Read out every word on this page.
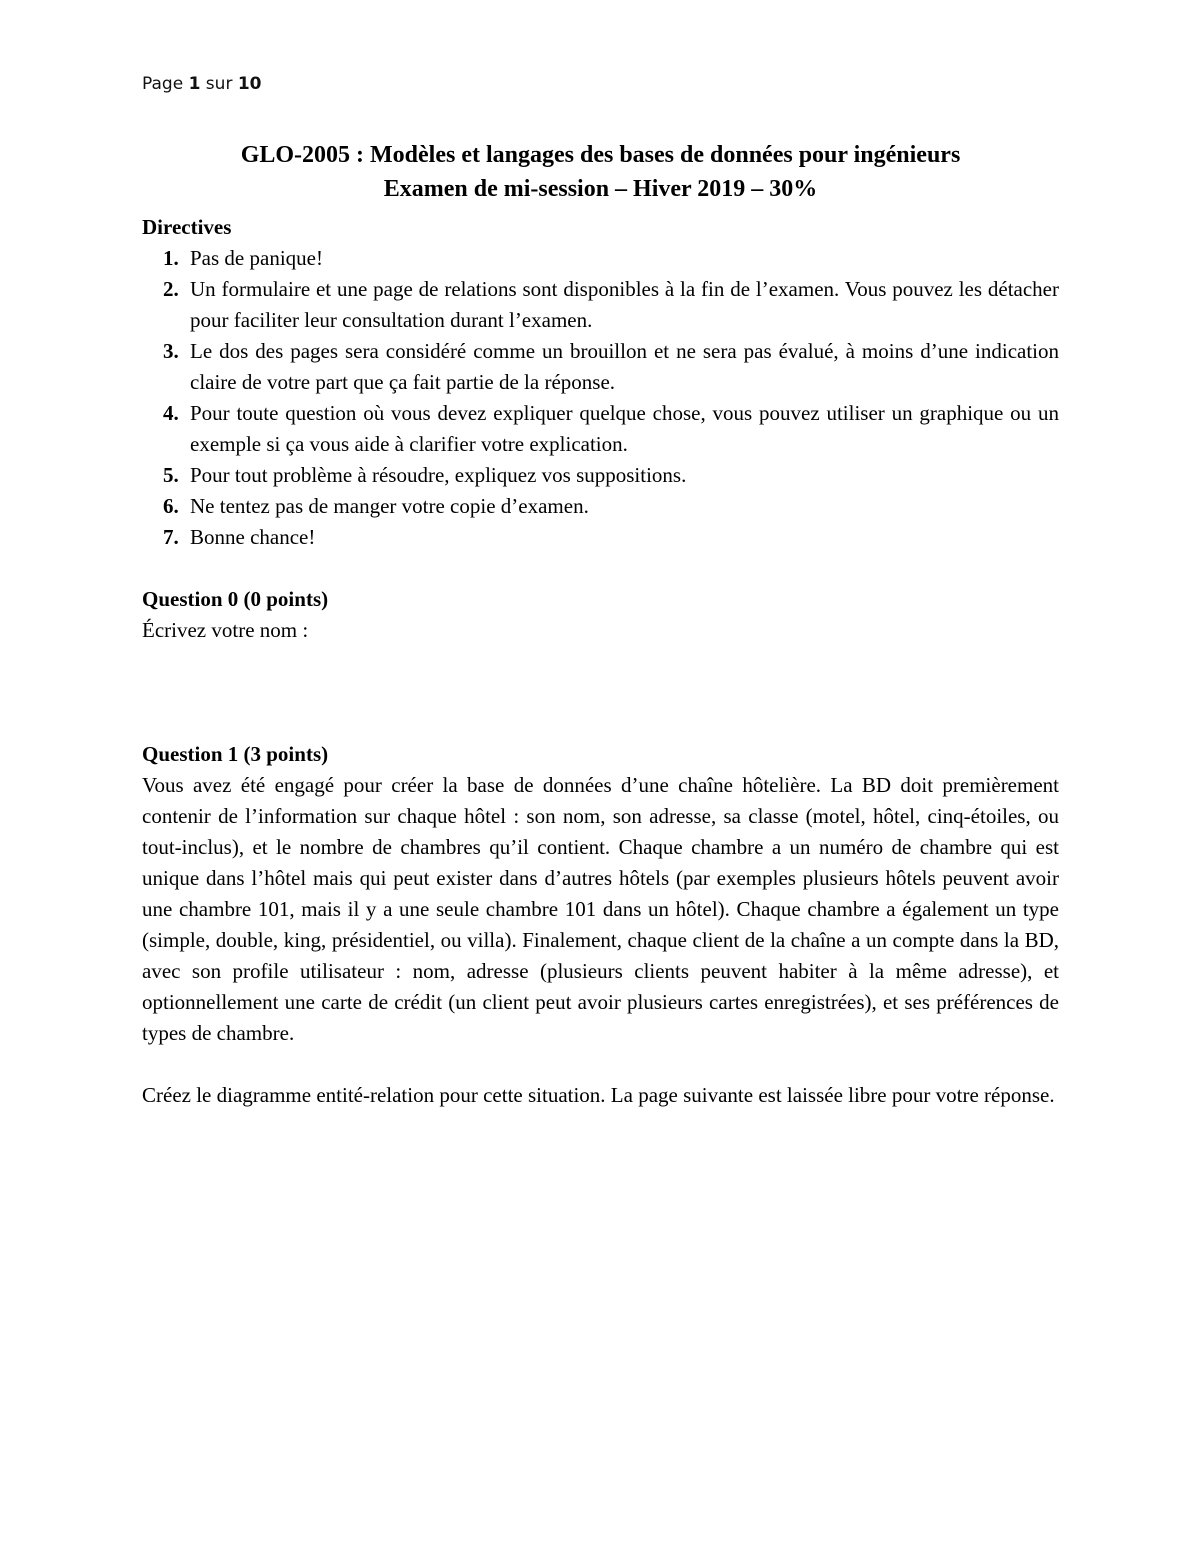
Page 1 sur 10
GLO-2005 : Modèles et langages des bases de données pour ingénieurs
Examen de mi-session – Hiver 2019 – 30%
Directives
1. Pas de panique!
2. Un formulaire et une page de relations sont disponibles à la fin de l’examen. Vous pouvez les détacher pour faciliter leur consultation durant l’examen.
3. Le dos des pages sera considéré comme un brouillon et ne sera pas évalué, à moins d’une indication claire de votre part que ça fait partie de la réponse.
4. Pour toute question où vous devez expliquer quelque chose, vous pouvez utiliser un graphique ou un exemple si ça vous aide à clarifier votre explication.
5. Pour tout problème à résoudre, expliquez vos suppositions.
6. Ne tentez pas de manger votre copie d’examen.
7. Bonne chance!
Question 0 (0 points)

Écrivez votre nom :

Question 1 (3 points)

Vous avez été engagé pour créer la base de données d’une chaîne hôtelière. La BD doit premièrement contenir de l’information sur chaque hôtel : son nom, son adresse, sa classe (motel, hôtel, cinq-étoiles, ou tout-inclus), et le nombre de chambres qu’il contient. Chaque chambre a un numéro de chambre qui est unique dans l’hôtel mais qui peut exister dans d’autres hôtels (par exemples plusieurs hôtels peuvent avoir une chambre 101, mais il y a une seule chambre 101 dans un hôtel). Chaque chambre a également un type (simple, double, king, présidentiel, ou villa). Finalement, chaque client de la chaîne a un compte dans la BD, avec son profile utilisateur : nom, adresse (plusieurs clients peuvent habiter à la même adresse), et optionnellement une carte de crédit (un client peut avoir plusieurs cartes enregistrées), et ses préférences de types de chambre.

Créez le diagramme entité-relation pour cette situation. La page suivante est laissée libre pour votre réponse.
